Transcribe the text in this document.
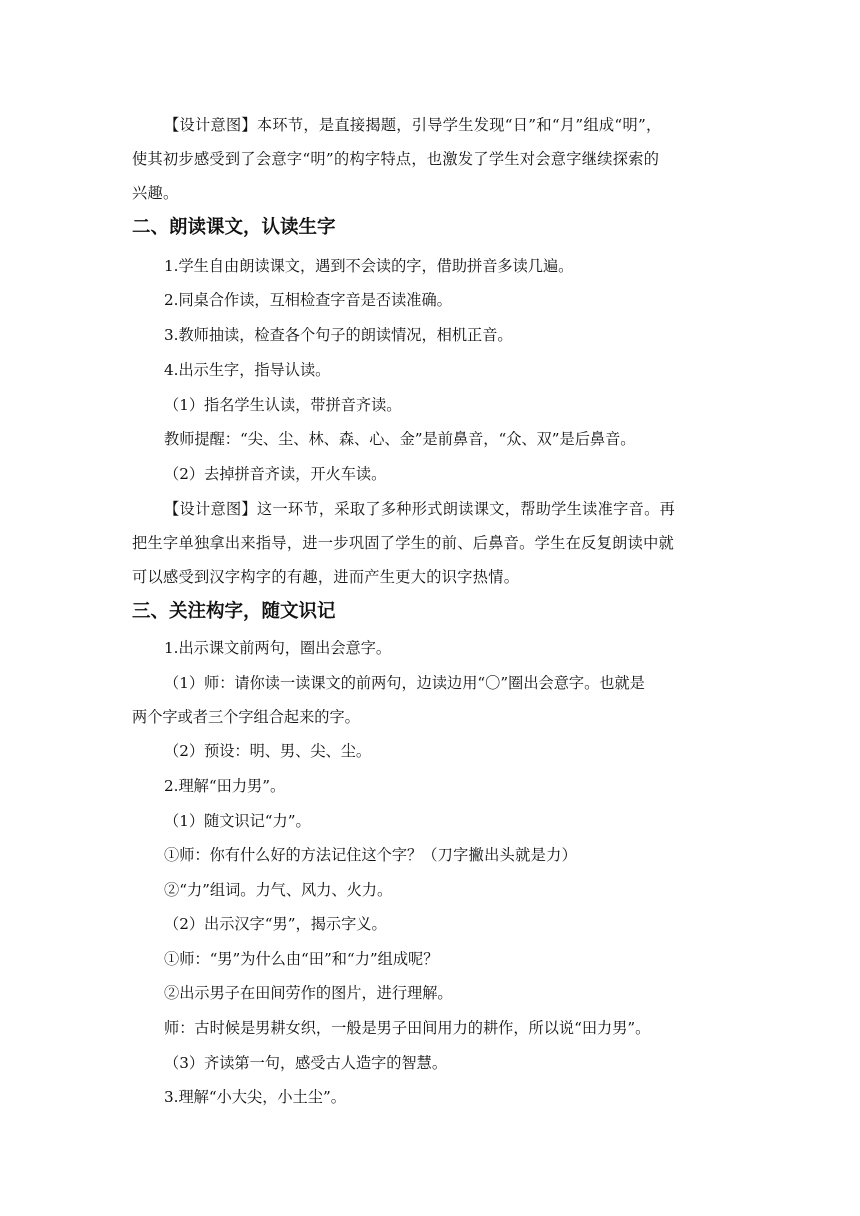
【设计意图】本环节，是直接揭题，引导学生发现“日”和“月”组成“明”，
使其初步感受到了会意字“明”的构字特点，也激发了学生对会意字继续探索的
兴趣。
二、朗读课文，认读生字
1.学生自由朗读课文，遇到不会读的字，借助拼音多读几遍。
2.同桌合作读，互相检查字音是否读准确。
3.教师抽读，检查各个句子的朗读情况，相机正音。
4.出示生字，指导认读。
（1）指名学生认读，带拼音齐读。
教师提醒：“尖、尘、林、森、心、金”是前鼻音，“众、双”是后鼻音。
（2）去掉拼音齐读，开火车读。
【设计意图】这一环节，采取了多种形式朗读课文，帮助学生读准字音。再
把生字单独拿出来指导，进一步巩固了学生的前、后鼻音。学生在反复朗读中就
可以感受到汉字构字的有趣，进而产生更大的识字热情。
三、关注构字，随文识记
1.出示课文前两句，圈出会意字。
（1）师：请你读一读课文的前两句，边读边用“〇”圈出会意字。也就是
两个字或者三个字组合起来的字。
（2）预设：明、男、尖、尘。
2.理解“田力男”。
（1）随文识记“力”。
①师：你有什么好的方法记住这个字？（刀字撇出头就是力）
②“力”组词。力气、风力、火力。
（2）出示汉字“男”，揭示字义。
①师：“男”为什么由“田”和“力”组成呢？
②出示男子在田间劳作的图片，进行理解。
师：古时候是男耕女织，一般是男子田间用力的耕作，所以说“田力男”。
（3）齐读第一句，感受古人造字的智慧。
3.理解“小大尖，小土尘”。
